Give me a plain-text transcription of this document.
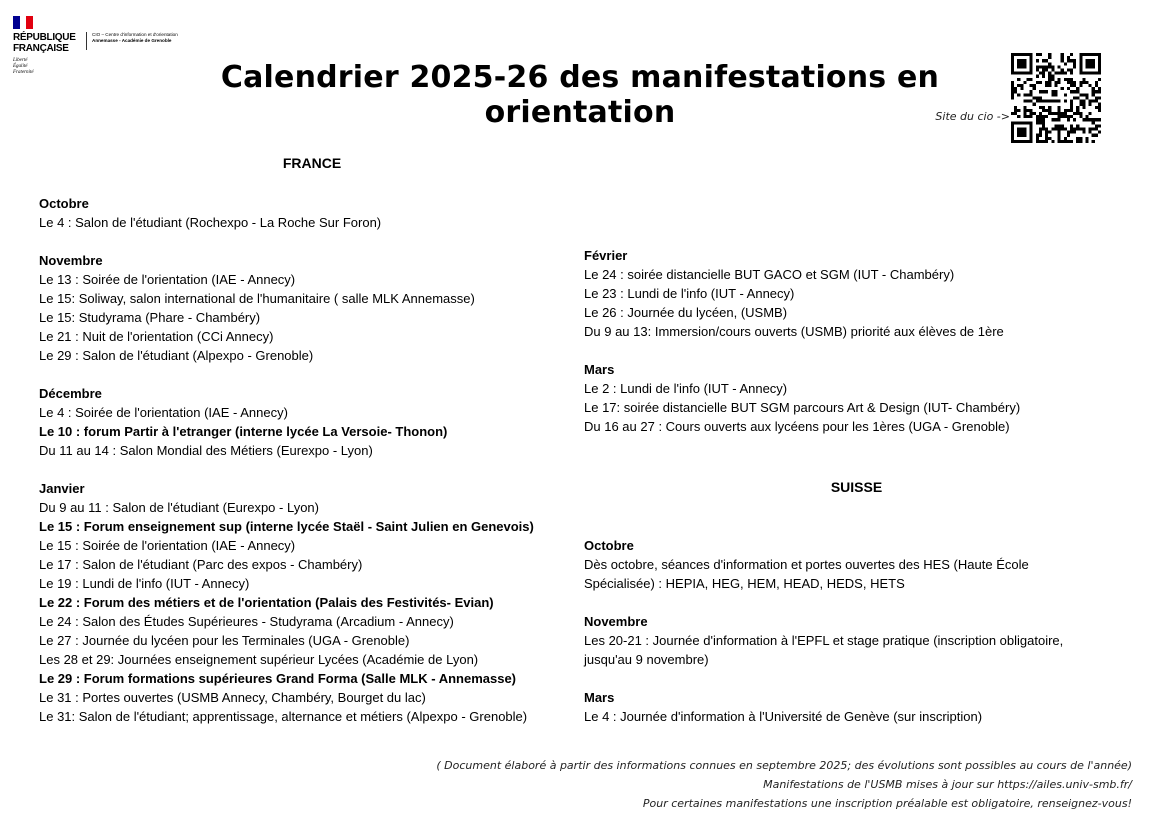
RÉPUBLIQUE
FRANÇAISE
Liberté
Égalité
Fraternité
CIO – Centre d'information et d'orientation
Annemasse - Académie de Grenoble
Calendrier 2025-26 des manifestations en orientation	Site du cio ->
FRANCE
Octobre
Le 4 : Salon de l'étudiant (Rochexpo - La Roche Sur Foron)
Novembre
Le 13 : Soirée de l'orientation (IAE - Annecy)
Le 15: Soliway, salon international de l'humanitaire ( salle MLK Annemasse)
Le 15: Studyrama (Phare - Chambéry)
Le 21 : Nuit de l'orientation (CCi Annecy)
Le 29 : Salon de l'étudiant (Alpexpo - Grenoble)
Décembre
Le 4 : Soirée de l'orientation (IAE - Annecy)
Le 10 : forum Partir à l'etranger (interne lycée La Versoie- Thonon)
Du 11 au 14 : Salon Mondial des Métiers (Eurexpo - Lyon)
Janvier
Du 9 au 11 : Salon de l'étudiant (Eurexpo - Lyon)
Le 15 : Forum enseignement sup (interne lycée Staël - Saint Julien en Genevois)
Le 15 : Soirée de l'orientation (IAE - Annecy)
Le 17 : Salon de l'étudiant (Parc des expos - Chambéry)
Le 19 : Lundi de l'info (IUT - Annecy)
Le 22 : Forum des métiers et de l'orientation (Palais des Festivités- Evian)
Le 24 : Salon des Études Supérieures - Studyrama (Arcadium - Annecy)
Le 27 : Journée du lycéen pour les Terminales (UGA - Grenoble)
Les 28 et 29: Journées enseignement supérieur Lycées (Académie de Lyon)
Le 29 : Forum formations supérieures Grand Forma (Salle MLK - Annemasse)
Le 31 : Portes ouvertes (USMB Annecy, Chambéry, Bourget du lac)
Le 31: Salon de l'étudiant; apprentissage, alternance et métiers (Alpexpo - Grenoble)
Février
Le 24 : soirée distancielle BUT GACO et SGM (IUT - Chambéry)
Le 23 : Lundi de l'info (IUT - Annecy)
Le 26 : Journée du lycéen, (USMB)
Du 9 au 13: Immersion/cours ouverts (USMB) priorité aux élèves de 1ère
Mars
Le 2 : Lundi de l'info (IUT - Annecy)
Le 17: soirée distancielle BUT SGM parcours Art & Design (IUT- Chambéry)
Du 16 au 27 : Cours ouverts aux lycéens pour les 1ères (UGA - Grenoble)
SUISSE
Octobre
Dès octobre, séances d'information et portes ouvertes des HES (Haute École
Spécialisée) : HEPIA, HEG, HEM, HEAD, HEDS, HETS
Novembre
Les 20-21 : Journée d'information à l'EPFL et stage pratique (inscription obligatoire,
jusqu'au 9 novembre)
Mars
Le 4 : Journée d'information à l'Université de Genève (sur inscription)
( Document élaboré à partir des informations connues en septembre 2025; des évolutions sont possibles au cours de l'année)
Manifestations de l'USMB mises à jour sur https://ailes.univ-smb.fr/
Pour certaines manifestations une inscription préalable est obligatoire, renseignez-vous!
